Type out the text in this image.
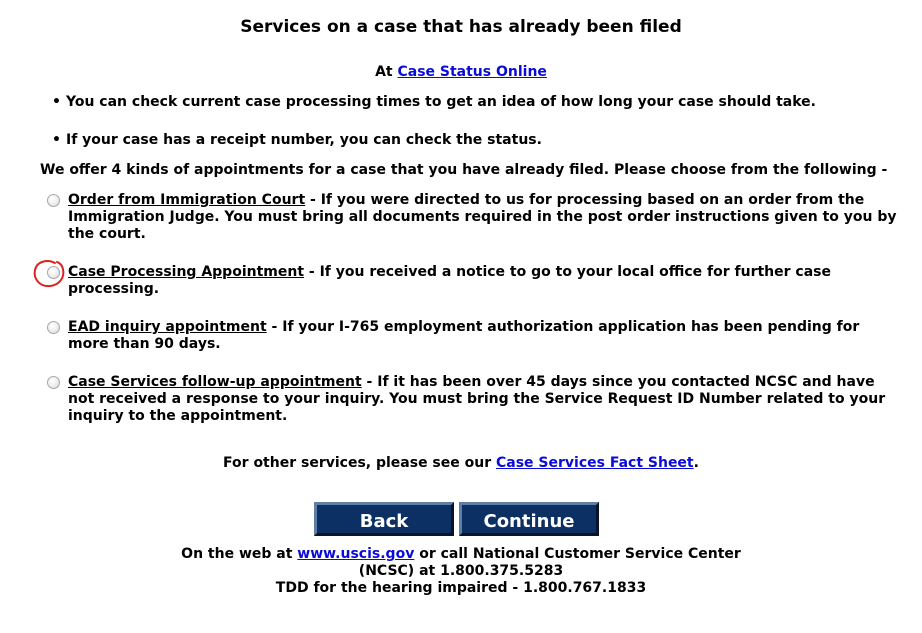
Services on a case that has already been filed
At Case Status Online
• You can check current case processing times to get an idea of how long your case should take.
• If your case has a receipt number, you can check the status.
We offer 4 kinds of appointments for a case that you have already filed. Please choose from the following -
Order from Immigration Court - If you were directed to us for processing based on an order from the Immigration Judge. You must bring all documents required in the post order instructions given to you by the court.
Case Processing Appointment - If you received a notice to go to your local office for further case processing.
EAD inquiry appointment - If your I-765 employment authorization application has been pending for more than 90 days.
Case Services follow-up appointment - If it has been over 45 days since you contacted NCSC and have not received a response to your inquiry. You must bring the Service Request ID Number related to your inquiry to the appointment.
For other services, please see our Case Services Fact Sheet.
Back	Continue
On the web at www.uscis.gov or call National Customer Service Center
(NCSC) at 1.800.375.5283
TDD for the hearing impaired - 1.800.767.1833
